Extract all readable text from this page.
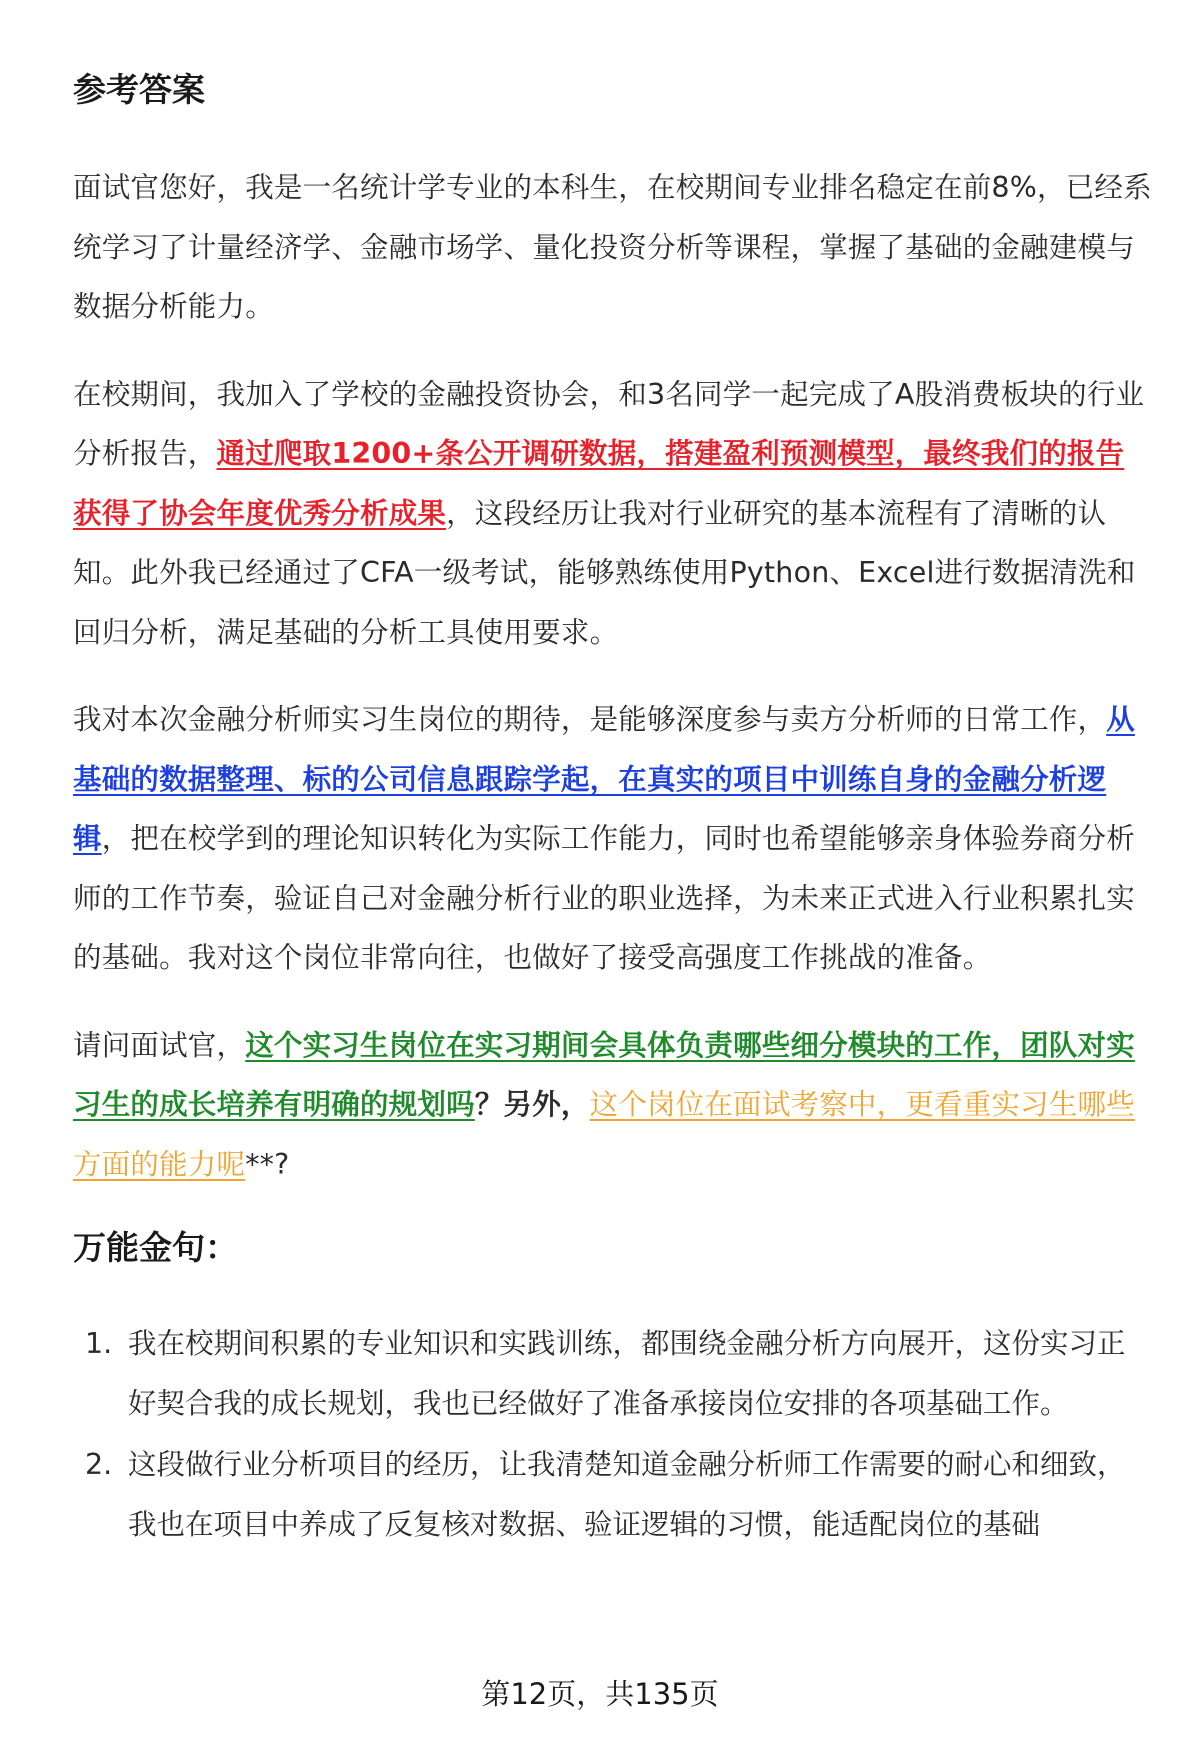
参考答案

面试官您好，我是一名统计学专业的本科生，在校期间专业排名稳定在前8%，已经系统学习了计量经济学、金融市场学、量化投资分析等课程，掌握了基础的金融建模与数据分析能力。

在校期间，我加入了学校的金融投资协会，和3名同学一起完成了A股消费板块的行业分析报告，通过爬取1200+条公开调研数据，搭建盈利预测模型，最终我们的报告获得了协会年度优秀分析成果，这段经历让我对行业研究的基本流程有了清晰的认知。此外我已经通过了CFA一级考试，能够熟练使用Python、Excel进行数据清洗和回归分析，满足基础的分析工具使用要求。

我对本次金融分析师实习生岗位的期待，是能够深度参与卖方分析师的日常工作，从基础的数据整理、标的公司信息跟踪学起，在真实的项目中训练自身的金融分析逻辑，把在校学到的理论知识转化为实际工作能力，同时也希望能够亲身体验券商分析师的工作节奏，验证自己对金融分析行业的职业选择，为未来正式进入行业积累扎实的基础。我对这个岗位非常向往，也做好了接受高强度工作挑战的准备。

请问面试官，这个实习生岗位在实习期间会具体负责哪些细分模块的工作，团队对实习生的成长培养有明确的规划吗？另外，这个岗位在面试考察中，更看重实习生哪些方面的能力呢**?

万能金句：
1. 我在校期间积累的专业知识和实践训练，都围绕金融分析方向展开，这份实习正好契合我的成长规划，我也已经做好了准备承接岗位安排的各项基础工作。
2. 这段做行业分析项目的经历，让我清楚知道金融分析师工作需要的耐心和细致，我也在项目中养成了反复核对数据、验证逻辑的习惯，能适配岗位的基础
第12页，共135页
